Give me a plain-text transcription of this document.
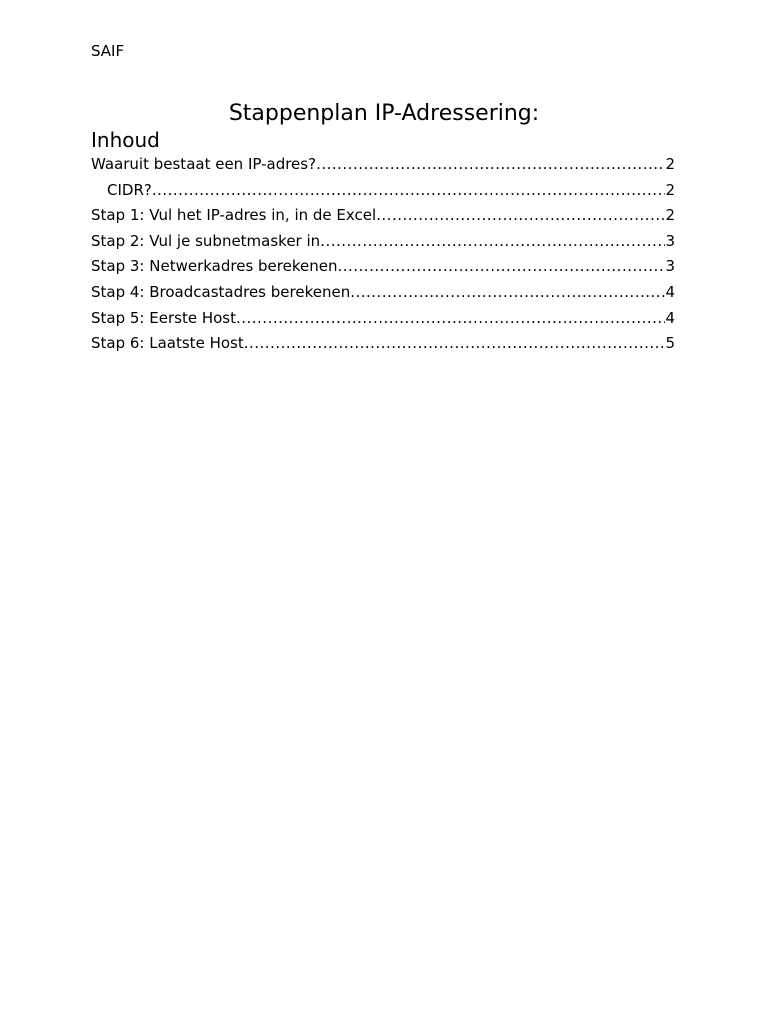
SAIF
Stappenplan IP-Adressering:
Inhoud
Waaruit bestaat een IP-adres? .....	2
CIDR? .....	2
Stap 1: Vul het IP-adres in, in de Excel .....	2
Stap 2: Vul je subnetmasker in .....	3
Stap 3: Netwerkadres berekenen .....	3
Stap 4: Broadcastadres berekenen .....	4
Stap 5: Eerste Host .....	4
Stap 6: Laatste Host .....	5
